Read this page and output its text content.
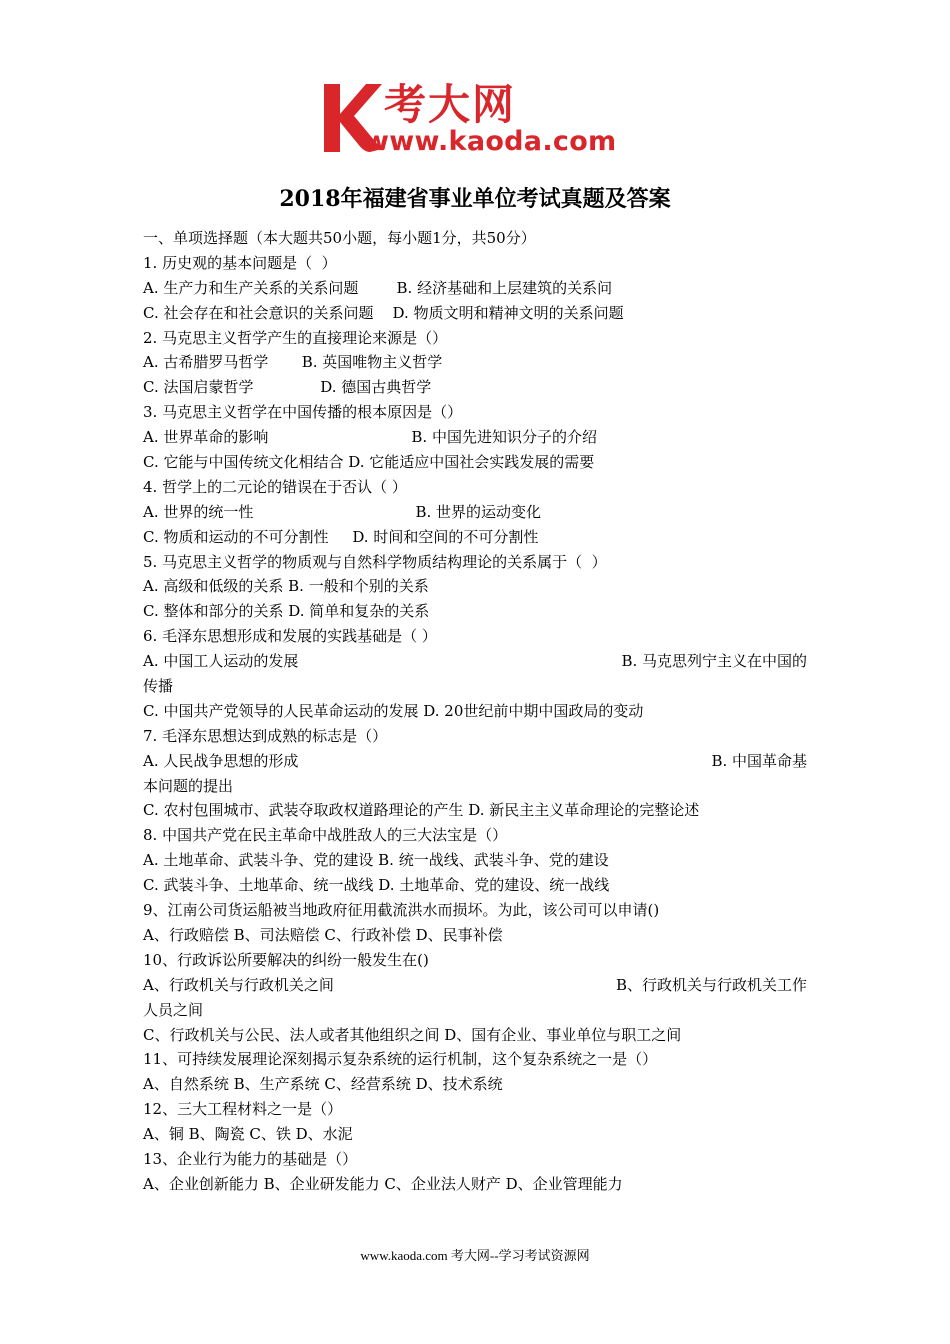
考大网
www.kaoda.com
2018年福建省事业单位考试真题及答案
一、单项选择题（本大题共50小题，每小题1分，共50分）
1. 历史观的基本问题是（  ）
A. 生产力和生产关系的关系问题        B. 经济基础和上层建筑的关系问
C. 社会存在和社会意识的关系问题    D. 物质文明和精神文明的关系问题
2. 马克思主义哲学产生的直接理论来源是（）
A. 古希腊罗马哲学       B. 英国唯物主义哲学
C. 法国启蒙哲学              D. 德国古典哲学
3. 马克思主义哲学在中国传播的根本原因是（）
A. 世界革命的影响                              B. 中国先进知识分子的介绍
C. 它能与中国传统文化相结合 D. 它能适应中国社会实践发展的需要
4. 哲学上的二元论的错误在于否认（ ）
A. 世界的统一性                                  B. 世界的运动变化
C. 物质和运动的不可分割性     D. 时间和空间的不可分割性
5. 马克思主义哲学的物质观与自然科学物质结构理论的关系属于（  ）
A. 高级和低级的关系 B. 一般和个别的关系
C. 整体和部分的关系 D. 简单和复杂的关系
6. 毛泽东思想形成和发展的实践基础是（ ）
A. 中国工人运动的发展	B. 马克思列宁主义在中国的
传播
C. 中国共产党领导的人民革命运动的发展 D. 20世纪前中期中国政局的变动
7. 毛泽东思想达到成熟的标志是（）
A. 人民战争思想的形成	B. 中国革命基
本问题的提出
C. 农村包围城市、武装夺取政权道路理论的产生 D. 新民主主义革命理论的完整论述
8. 中国共产党在民主革命中战胜敌人的三大法宝是（）
A. 土地革命、武装斗争、党的建设 B. 统一战线、武装斗争、党的建设
C. 武装斗争、土地革命、统一战线 D. 土地革命、党的建设、统一战线
9、江南公司货运船被当地政府征用截流洪水而损坏。为此，该公司可以申请()
A、行政赔偿 B、司法赔偿 C、行政补偿 D、民事补偿
10、行政诉讼所要解决的纠纷一般发生在()
A、行政机关与行政机关之间	B、行政机关与行政机关工作
人员之间
C、行政机关与公民、法人或者其他组织之间 D、国有企业、事业单位与职工之间
11、可持续发展理论深刻揭示复杂系统的运行机制，这个复杂系统之一是（）
A、自然系统 B、生产系统 C、经营系统 D、技术系统
12、三大工程材料之一是（）
A、铜 B、陶瓷 C、铁 D、水泥
13、企业行为能力的基础是（）
A、企业创新能力 B、企业研发能力 C、企业法人财产 D、企业管理能力
www.kaoda.com 考大网--学习考试资源网
